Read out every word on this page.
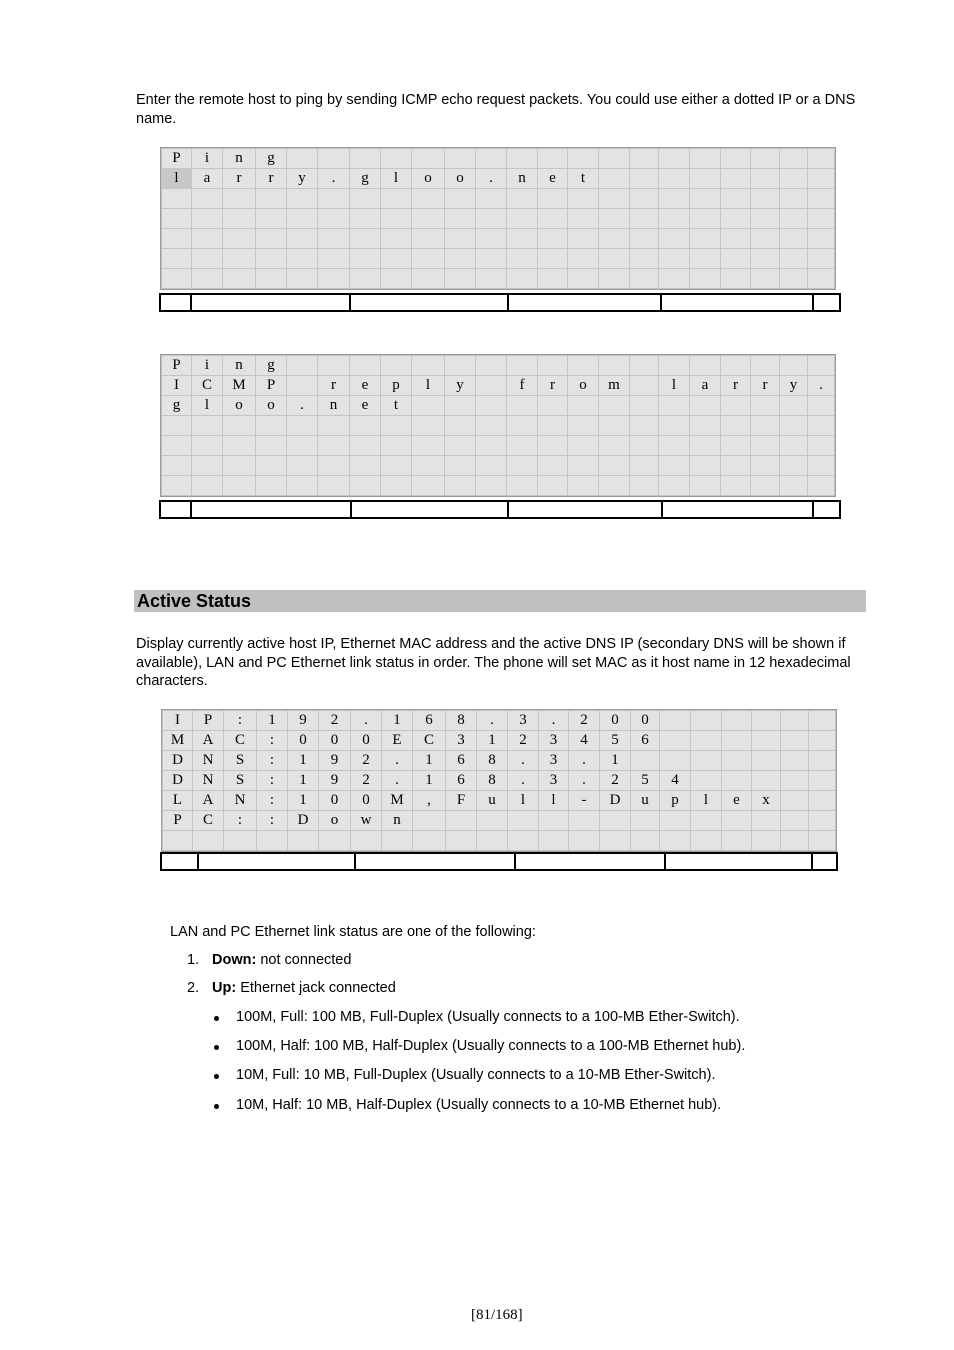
Enter the remote host to ping by sending ICMP echo request packets. You could use either a dotted IP or a DNS name.
P	i	n	g																		
l	a	r	r	y	.	g	l	o	o	.	n	e	t								

P	i	n	g																		
I	C	M	P		r	e	p	l	y		f	r	o	m		l	a	r	r	y	.
g	l	o	o	.	n	e	t														

Active Status
Display currently active host IP, Ethernet MAC address and the active DNS IP (secondary DNS will be shown if available), LAN and PC Ethernet link status in order. The phone will set MAC as it host name in 12 hexadecimal characters.
I	P	:	1	9	2	.	1	6	8	.	3	.	2	0	0						
M	A	C	:	0	0	0	E	C	3	1	2	3	4	5	6						
D	N	S	:	1	9	2	.	1	6	8	.	3	.	1							
D	N	S	:	1	9	2	.	1	6	8	.	3	.	2	5	4					
L	A	N	:	1	0	0	M	,	F	u	l	l	-	D	u	p	l	e	x		
P	C	:	:	D	o	w	n														

LAN and PC Ethernet link status are one of the following:
1. Down: not connected
2. Up: Ethernet jack connected
100M, Full: 100 MB, Full-Duplex (Usually connects to a 100-MB Ether-Switch).
100M, Half: 100 MB, Half-Duplex (Usually connects to a 100-MB Ethernet hub).
10M, Full: 10 MB, Full-Duplex (Usually connects to a 10-MB Ether-Switch).
10M, Half: 10 MB, Half-Duplex (Usually connects to a 10-MB Ethernet hub).
[81/168]
